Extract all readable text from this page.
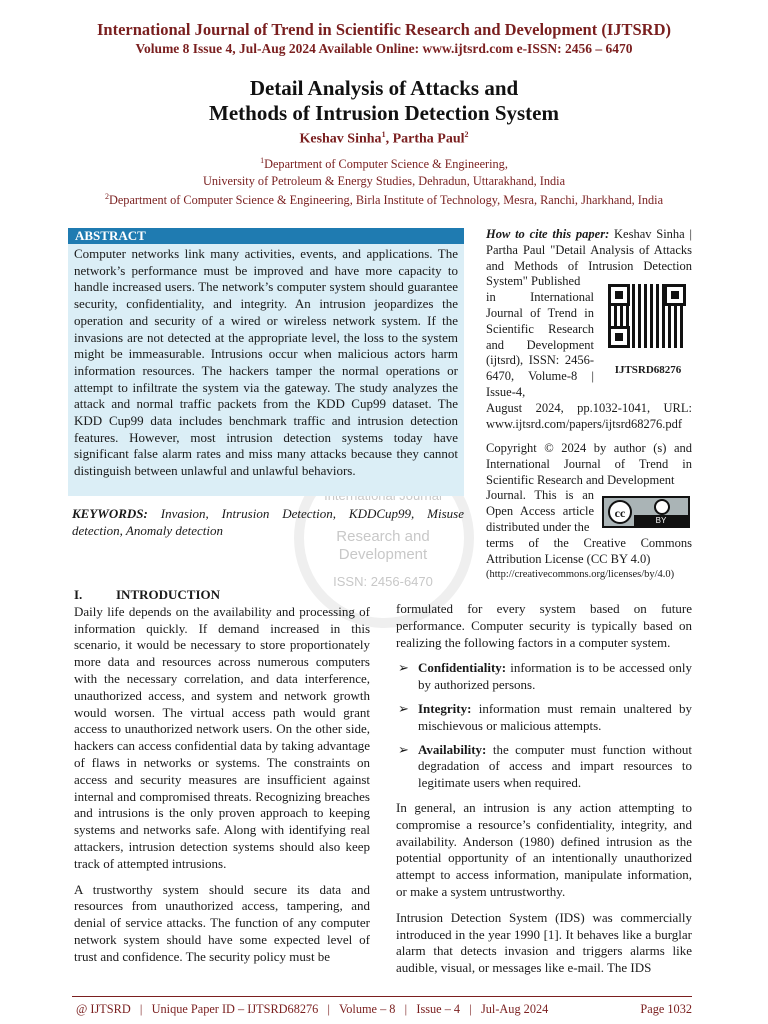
International Journal of Trend in Scientific Research and Development (IJTSRD)
Volume 8 Issue 4, Jul-Aug 2024 Available Online: www.ijtsrd.com e-ISSN: 2456 – 6470
Detail Analysis of Attacks and
Methods of Intrusion Detection System
Keshav Sinha$^1$, Partha Paul$^2$
$^1$Department of Computer Science & Engineering,
University of Petroleum & Energy Studies, Dehradun, Uttarakhand, India
$^2$Department of Computer Science & Engineering, Birla Institute of Technology, Mesra, Ranchi, Jharkhand, India
Research and
Development
ISSN: 2456-6470
ABSTRACT
Computer networks link many activities, events, and applications. The network’s performance must be improved and have more capacity to handle increased users. The network’s computer system should guarantee security, confidentiality, and integrity. An intrusion jeopardizes the operation and security of a wired or wireless network system. If the invasions are not detected at the appropriate level, the loss to the system might be immeasurable. Intrusions occur when malicious actors harm information resources. The hackers tamper the normal operations or attempt to infiltrate the system via the gateway. The study analyzes the attack and normal traffic packets from the KDD Cup99 dataset. The KDD Cup99 data includes benchmark traffic and intrusion detection features. However, most intrusion detection systems today have significant false alarm rates and miss many attacks because they cannot distinguish between unlawful and unlawful behaviors.
KEYWORDS: Invasion, Intrusion Detection, KDDCup99, Misuse detection, Anomaly detection
How to cite this paper: Keshav Sinha | Partha Paul "Detail Analysis of Attacks and Methods of Intrusion Detection System" Published
in International Journal of Trend in Scientific Research and Development (ijtsrd), ISSN: 2456-6470, Volume-8 | Issue-4,
August 2024, pp.1032-1041, URL: www.ijtsrd.com/papers/ijtsrd68276.pdf
IJTSRD68276
Copyright © 2024 by author (s) and International Journal of Trend in Scientific Research and Development
Journal. This is an Open Access article distributed under the
terms of the Creative Commons Attribution License (CC BY 4.0)
(http://creativecommons.org/licenses/by/4.0)
cc
BY
I.	INTRODUCTION

Daily life depends on the availability and processing of information quickly. If demand increased in this scenario, it would be necessary to store proportionately more data and resources across numerous computers with the necessary correlation, and data interference, unauthorized access, and system and network growth would worsen. The virtual access path would grant access to unauthorized network users. On the other side, hackers can access confidential data by taking advantage of flaws in networks or systems. The constraints on access and security measures are insufficient against internal and compromised threats. Recognizing breaches and intrusions is the only proven approach to keeping systems and networks safe. Along with identifying real attackers, intrusion detection systems should also keep track of attempted intrusions.

A trustworthy system should secure its data and resources from unauthorized access, tampering, and denial of service attacks. The function of any computer network system should have some expected level of trust and confidence. The security policy must be

formulated for every system based on future performance. Computer security is typically based on realizing the following factors in a computer system.

➢ Confidentiality: information is to be accessed only by authorized persons.
➢ Integrity: information must remain unaltered by mischievous or malicious attempts.
➢ Availability: the computer must function without degradation of access and impart resources to legitimate users when required.

In general, an intrusion is any action attempting to compromise a resource’s confidentiality, integrity, and availability. Anderson (1980) defined intrusion as the potential opportunity of an intentionally unauthorized attempt to access information, manipulate information, or make a system untrustworthy.

Intrusion Detection System (IDS) was commercially introduced in the year 1990 [1]. It behaves like a burglar alarm that detects invasion and triggers alarms like audible, visual, or messages like e-mail. The IDS

@ IJTSRD   |   Unique Paper ID – IJTSRD68276   |   Volume – 8   |   Issue – 4   |   Jul-Aug 2024	Page 1032
